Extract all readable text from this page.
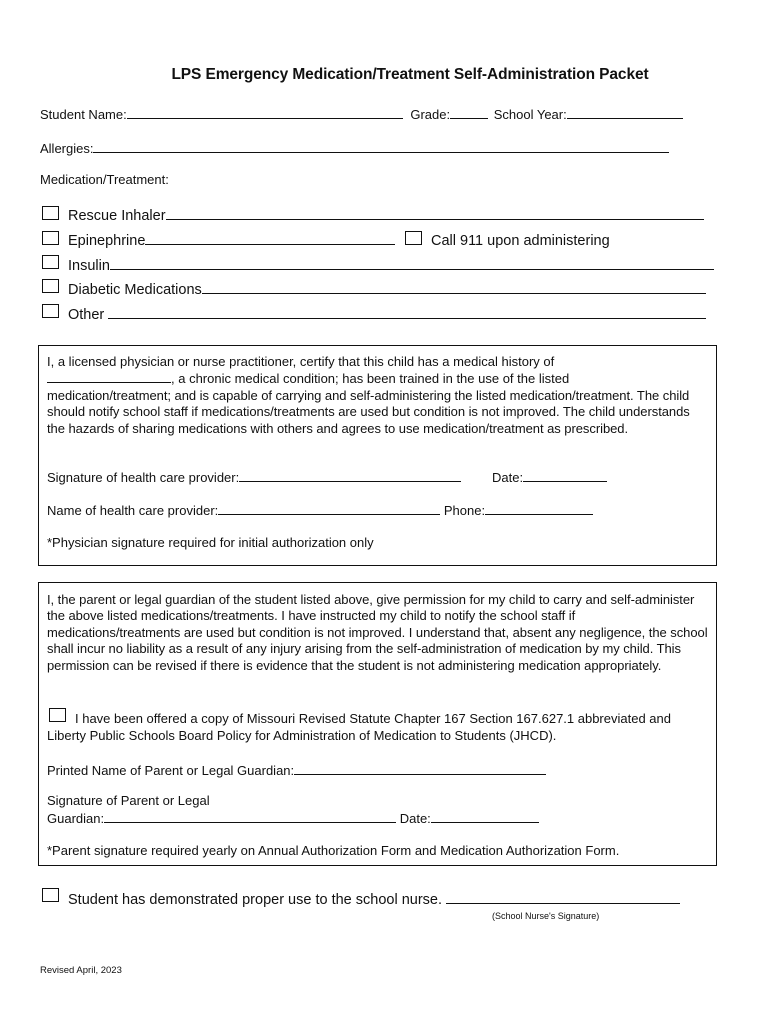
LPS Emergency Medication/Treatment Self-Administration Packet
Student Name:	Grade:	School Year:
Allergies:
Medication/Treatment:
Rescue Inhaler
Epinephrine	Call 911 upon administering
Insulin
Diabetic Medications
Other
I, a licensed physician or nurse practitioner, certify that this child has a medical history of
, a chronic medical condition; has been trained in the use of the listed
medication/treatment; and is capable of carrying and self-administering the listed medication/treatment. The child should notify school staff if medications/treatments are used but condition is not improved. The child understands the hazards of sharing medications with others and agrees to use medication/treatment as prescribed.
Signature of health care provider:	Date:
Name of health care provider:	Phone:
*Physician signature required for initial authorization only
I, the parent or legal guardian of the student listed above, give permission for my child to carry and self-administer the above listed medications/treatments. I have instructed my child to notify the school staff if medications/treatments are used but condition is not improved. I understand that, absent any negligence, the school shall incur no liability as a result of any injury arising from the self-administration of medication by my child. This permission can be revised if there is evidence that the student is not administering medication appropriately.
I have been offered a copy of Missouri Revised Statute Chapter 167 Section 167.627.1 abbreviated and
Liberty Public Schools Board Policy for Administration of Medication to Students (JHCD).
Printed Name of Parent or Legal Guardian:
Signature of Parent or Legal
Guardian:	Date:
*Parent signature required yearly on Annual Authorization Form and Medication Authorization Form.
Student has demonstrated proper use to the school nurse.
(School Nurse's Signature)
Revised April, 2023
